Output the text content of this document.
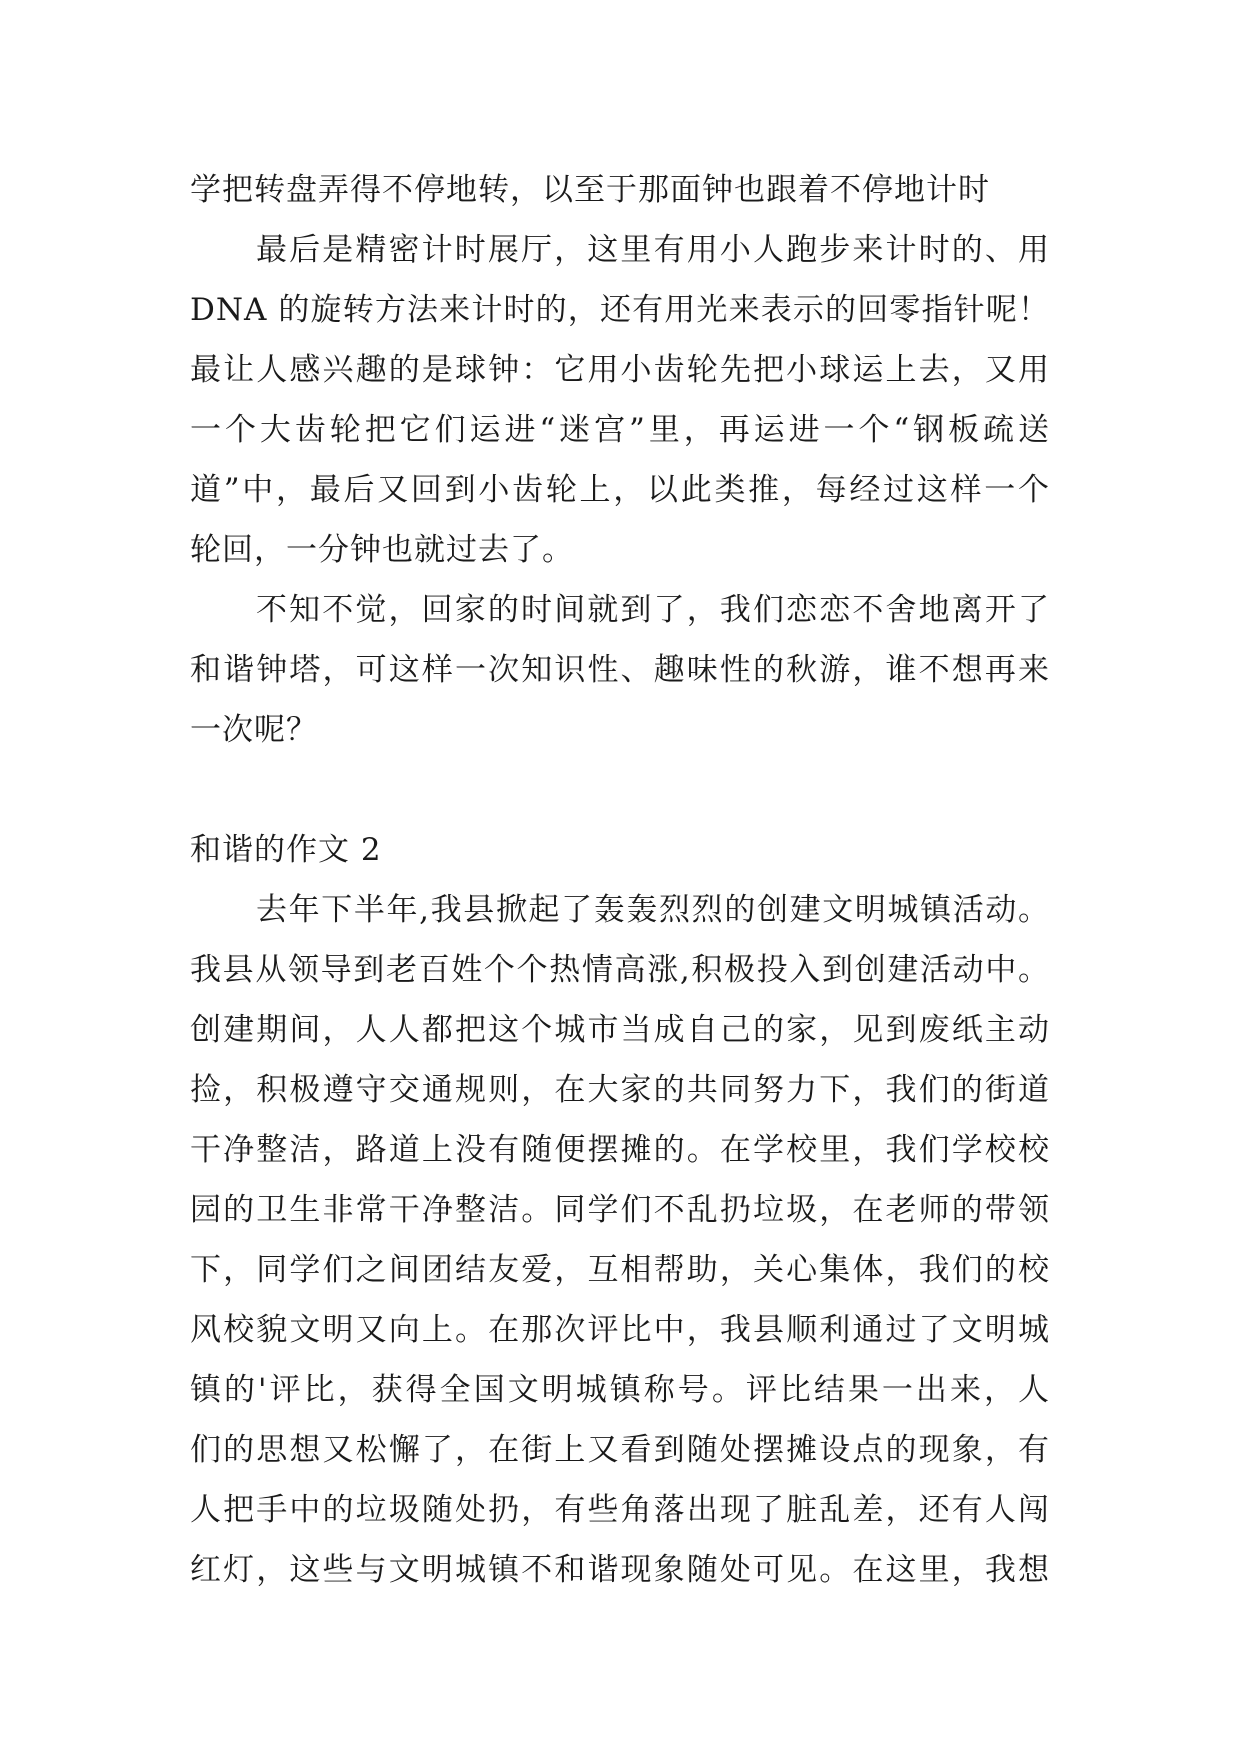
学把转盘弄得不停地转，以至于那面钟也跟着不停地计时
最后是精密计时展厅，这里有用小人跑步来计时的、用
DNA 的旋转方法来计时的，还有用光来表示的回零指针呢！
最让人感兴趣的是球钟：它用小齿轮先把小球运上去，又用
一个大齿轮把它们运进“迷宫”里，再运进一个“钢板疏送
道”中，最后又回到小齿轮上，以此类推，每经过这样一个
轮回，一分钟也就过去了。
不知不觉，回家的时间就到了，我们恋恋不舍地离开了
和谐钟塔，可这样一次知识性、趣味性的秋游，谁不想再来
一次呢？
和谐的作文 2
去年下半年,我县掀起了轰轰烈烈的创建文明城镇活动。
我县从领导到老百姓个个热情高涨,积极投入到创建活动中。
创建期间，人人都把这个城市当成自己的家，见到废纸主动
捡，积极遵守交通规则，在大家的共同努力下，我们的街道
干净整洁，路道上没有随便摆摊的。在学校里，我们学校校
园的卫生非常干净整洁。同学们不乱扔垃圾，在老师的带领
下，同学们之间团结友爱，互相帮助，关心集体，我们的校
风校貌文明又向上。在那次评比中，我县顺利通过了文明城
镇的'评比，获得全国文明城镇称号。评比结果一出来，人
们的思想又松懈了，在街上又看到随处摆摊设点的现象，有
人把手中的垃圾随处扔，有些角落出现了脏乱差，还有人闯
红灯，这些与文明城镇不和谐现象随处可见。在这里，我想
